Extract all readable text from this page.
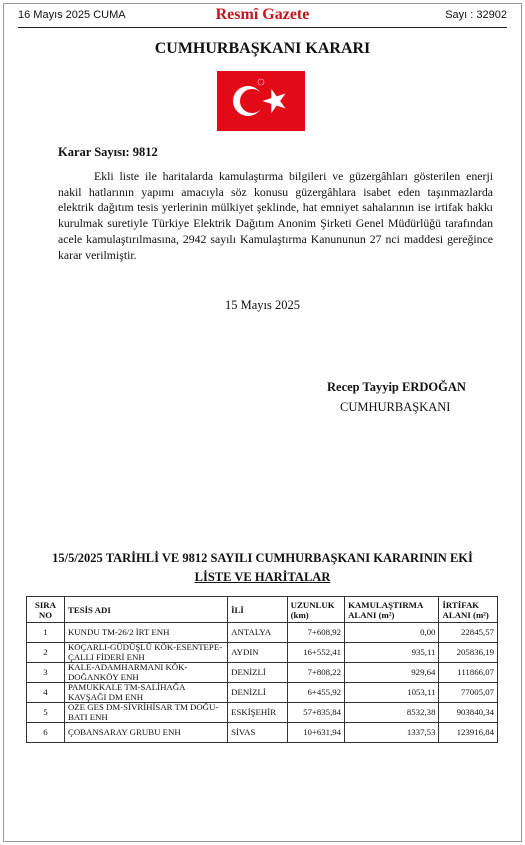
16 Mayıs 2025 CUMA	Resmî Gazete	Sayı : 32902
CUMHURBAŞKANI KARARI
Karar Sayısı: 9812

Ekli liste ile haritalarda kamulaştırma bilgileri ve güzergâhları gösterilen enerji nakil hatlarının yapımı amacıyla söz konusu güzergâhlara isabet eden taşınmazlarda elektrik dağıtım tesis yerlerinin mülkiyet şeklinde, hat emniyet sahalarının ise irtifak hakkı kurulmak suretiyle Türkiye Elektrik Dağıtım Anonim Şirketi Genel Müdürlüğü tarafından acele kamulaştırılmasına, 2942 sayılı Kamulaştırma Kanununun 27 nci maddesi gereğince karar verilmiştir.

15 Mayıs 2025
Recep Tayyip ERDOĞAN
CUMHURBAŞKANI
15/5/2025 TARİHLİ VE 9812 SAYILI CUMHURBAŞKANI KARARININ EKİ
LİSTE VE HARİTALAR
SIRA NO	TESİS ADI	İLİ	UZUNLUK (km)	KAMULAŞTIRMA ALANI (m²)	İRTİFAK ALANI (m²)
1	KUNDU TM-26/2 İRT ENH	ANTALYA	7+608,92	0,00	22845,57
2	KOÇARLI-GÜDÜŞLÜ KÖK-ESENTEPE-ÇALLI FİDERİ ENH	AYDIN	16+552,41	935,11	205836,19
3	KALE-ADAMHARMANI KÖK-DOĞANKÖY ENH	DENİZLİ	7+808,22	929,64	111866,07
4	PAMUKKALE TM-SALİHAĞA KAVŞAĞI DM ENH	DENİZLİ	6+455,92	1053,11	77005,07
5	OZE GES DM-SİVRİHİSAR TM DOĞU-BATI ENH	ESKİŞEHİR	57+835,84	8532,38	903840,34
6	ÇOBANSARAY GRUBU ENH	SİVAS	10+631,94	1337,53	123916,84
